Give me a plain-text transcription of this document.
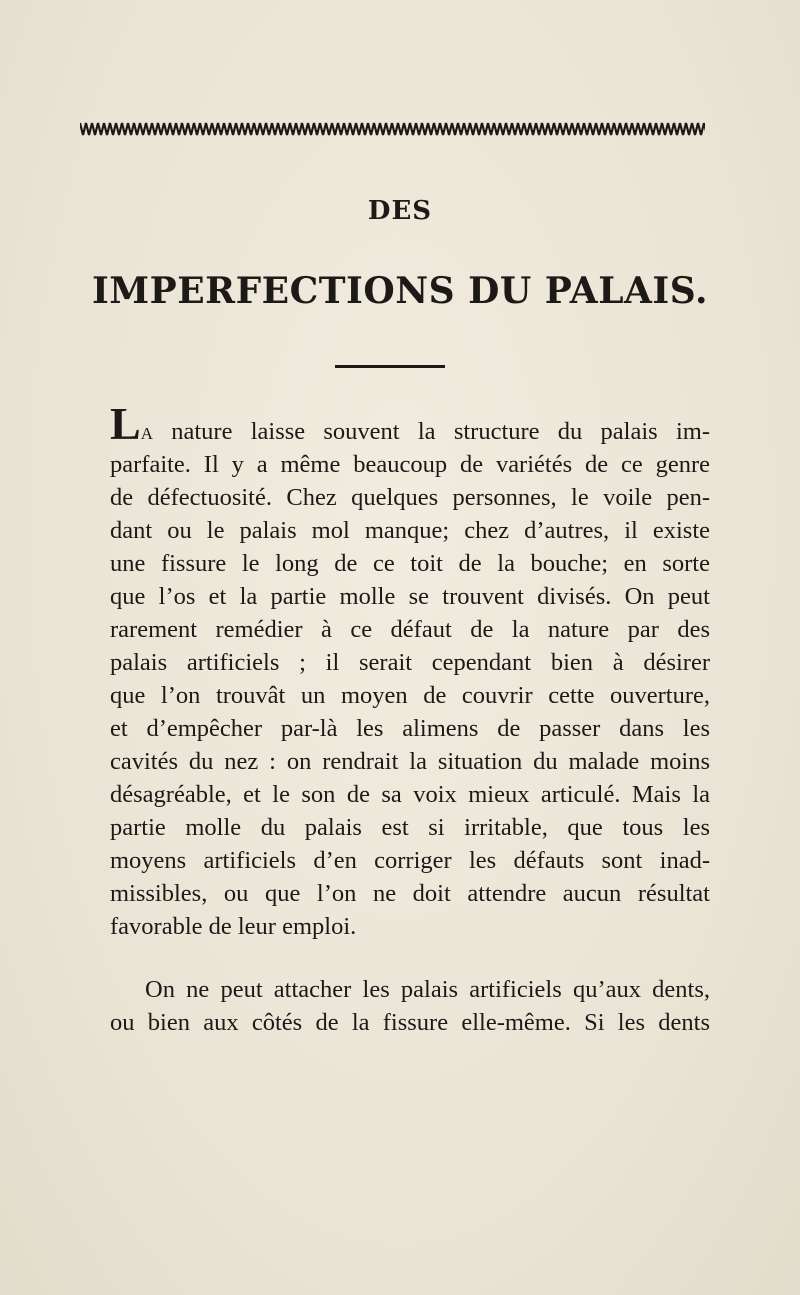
DES
IMPERFECTIONS DU PALAIS.
La nature laisse souvent la structure du palais im-
parfaite. Il y a même beaucoup de variétés de ce genre
de défectuosité. Chez quelques personnes, le voile pen-
dant ou le palais mol manque; chez d’autres, il existe
une fissure le long de ce toit de la bouche; en sorte
que l’os et la partie molle se trouvent divisés. On peut
rarement remédier à ce défaut de la nature par des
palais artificiels ; il serait cependant bien à désirer
que l’on trouvât un moyen de couvrir cette ouverture,
et d’empêcher par-là les alimens de passer dans les
cavités du nez : on rendrait la situation du malade moins
désagréable, et le son de sa voix mieux articulé. Mais la
partie molle du palais est si irritable, que tous les
moyens artificiels d’en corriger les défauts sont inad-
missibles, ou que l’on ne doit attendre aucun résultat
favorable de leur emploi.
On ne peut attacher les palais artificiels qu’aux dents,
ou bien aux côtés de la fissure elle-même. Si les dents
